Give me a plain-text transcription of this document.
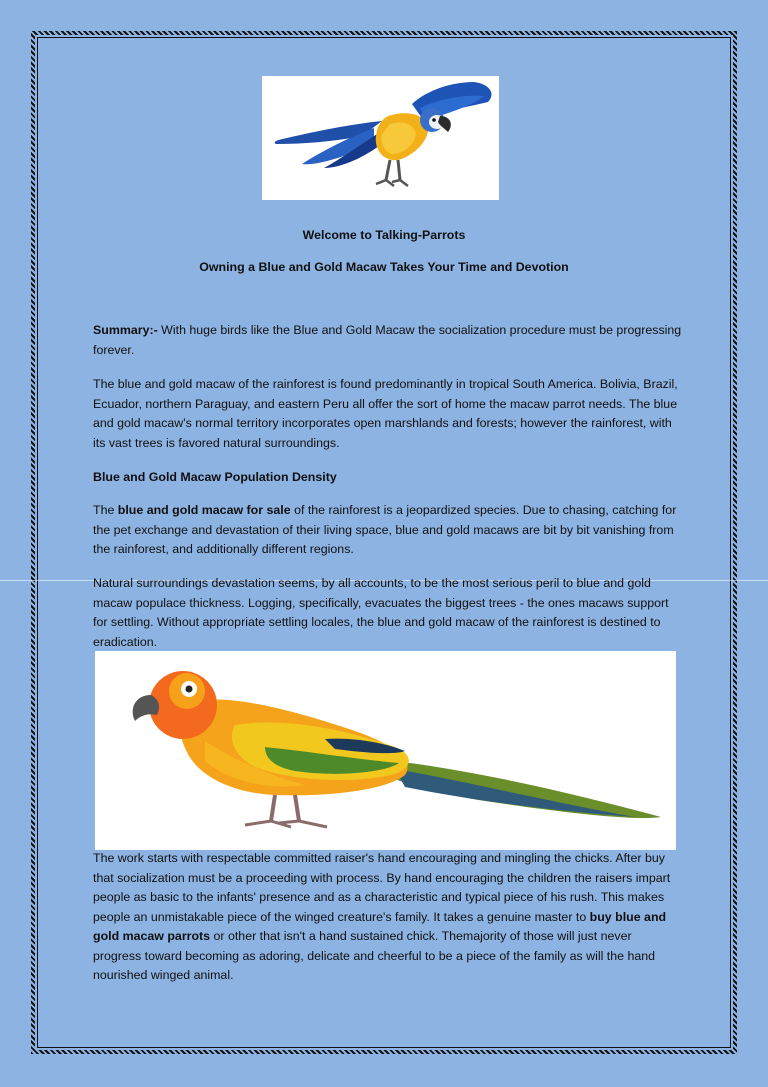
Welcome to Talking-Parrots
Owning a Blue and Gold Macaw Takes Your Time and Devotion
Summary:- With huge birds like the Blue and Gold Macaw the socialization procedure must be progressing forever.
The blue and gold macaw of the rainforest is found predominantly in tropical South America. Bolivia, Brazil, Ecuador, northern Paraguay, and eastern Peru all offer the sort of home the macaw parrot needs. The blue and gold macaw's normal territory incorporates open marshlands and forests; however the rainforest, with its vast trees is favored natural surroundings.
Blue and Gold Macaw Population Density
The blue and gold macaw for sale of the rainforest is a jeopardized species. Due to chasing, catching for the pet exchange and devastation of their living space, blue and gold macaws are bit by bit vanishing from the rainforest, and additionally different regions.
Natural surroundings devastation seems, by all accounts, to be the most serious peril to blue and gold macaw populace thickness. Logging, specifically, evacuates the biggest trees - the ones macaws support for settling. Without appropriate settling locales, the blue and gold macaw of the rainforest is destined to eradication.
The work starts with respectable committed raiser's hand encouraging and mingling the chicks. After buy that socialization must be a proceeding with process. By hand encouraging the children the raisers impart people as basic to the infants' presence and as a characteristic and typical piece of his rush. This makes people an unmistakable piece of the winged creature's family. It takes a genuine master to buy blue and gold macaw parrots or other that isn't a hand sustained chick. Themajority of those will just never progress toward becoming as adoring, delicate and cheerful to be a piece of the family as will the hand nourished winged animal.
